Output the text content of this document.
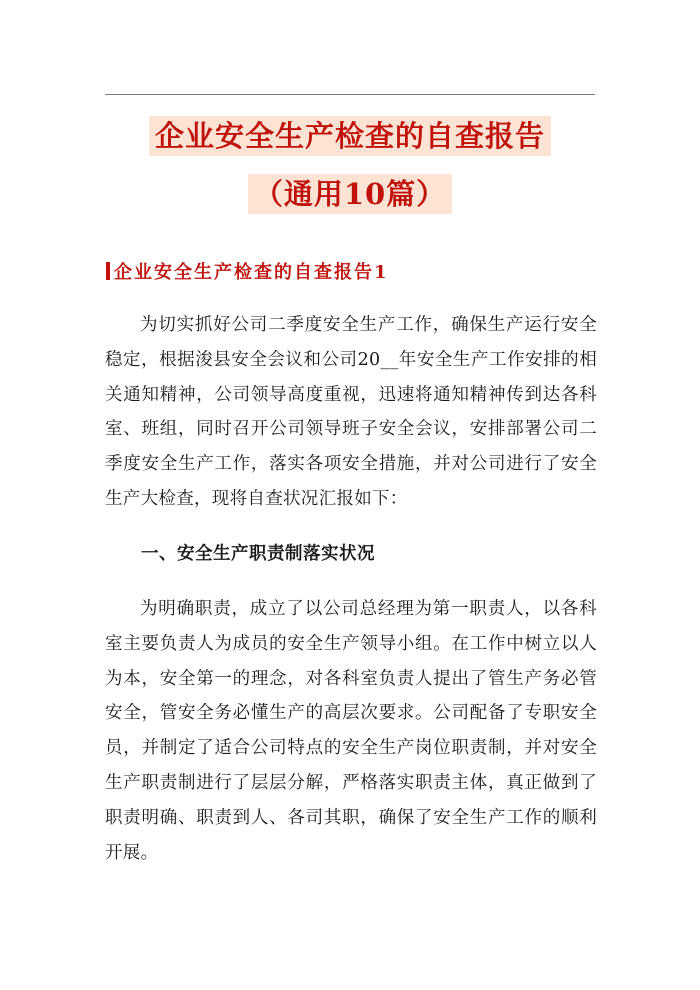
企业安全生产检查的自查报告
（通用10篇）
企业安全生产检查的自查报告1

为切实抓好公司二季度安全生产工作，确保生产运行安全稳定，根据浚县安全会议和公司20__年安全生产工作安排的相关通知精神，公司领导高度重视，迅速将通知精神传到达各科室、班组，同时召开公司领导班子安全会议，安排部署公司二季度安全生产工作，落实各项安全措施，并对公司进行了安全生产大检查，现将自查状况汇报如下：

一、安全生产职责制落实状况

为明确职责，成立了以公司总经理为第一职责人，以各科室主要负责人为成员的安全生产领导小组。在工作中树立以人为本，安全第一的理念，对各科室负责人提出了管生产务必管安全，管安全务必懂生产的高层次要求。公司配备了专职安全员，并制定了适合公司特点的安全生产岗位职责制，并对安全生产职责制进行了层层分解，严格落实职责主体，真正做到了职责明确、职责到人、各司其职，确保了安全生产工作的顺利开展。
